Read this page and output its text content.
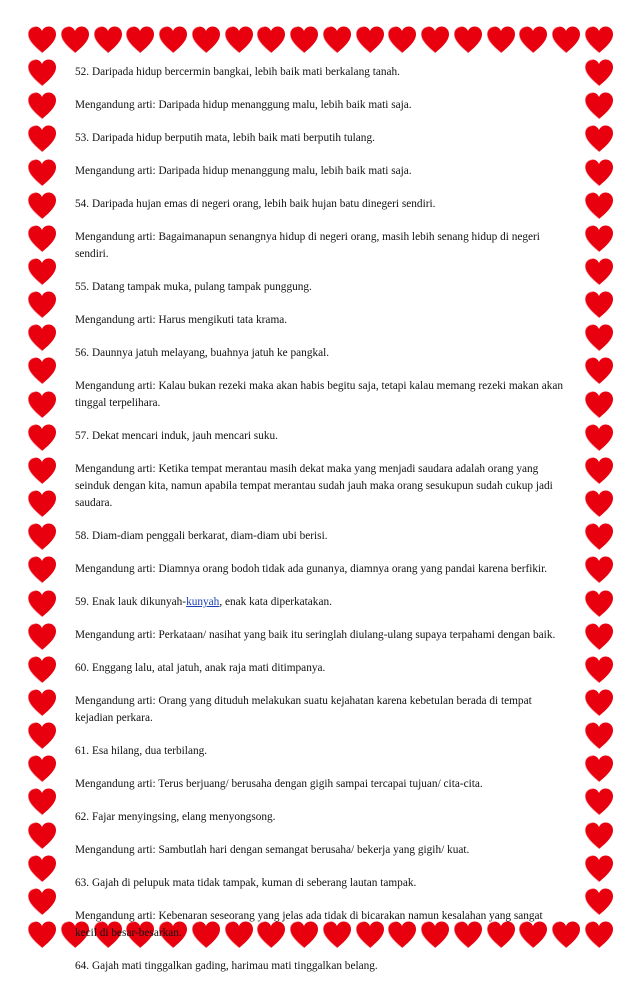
52. Daripada hidup bercermin bangkai, lebih baik mati berkalang tanah.

Mengandung arti: Daripada hidup menanggung malu, lebih baik mati saja.

53. Daripada hidup berputih mata, lebih baik mati berputih tulang.

Mengandung arti: Daripada hidup menanggung malu, lebih baik mati saja.

54. Daripada hujan emas di negeri orang, lebih baik hujan batu dinegeri sendiri.

Mengandung arti: Bagaimanapun senangnya hidup di negeri orang, masih lebih senang hidup di negeri sendiri.

55. Datang tampak muka, pulang tampak punggung.

Mengandung arti: Harus mengikuti tata krama.

56. Daunnya jatuh melayang, buahnya jatuh ke pangkal.

Mengandung arti: Kalau bukan rezeki maka akan habis begitu saja, tetapi kalau memang rezeki makan akan tinggal terpelihara.

57. Dekat mencari induk, jauh mencari suku.

Mengandung arti: Ketika tempat merantau masih dekat maka yang menjadi saudara adalah orang yang seinduk dengan kita, namun apabila tempat merantau sudah jauh maka orang sesukupun sudah cukup jadi saudara.

58. Diam-diam penggali berkarat, diam-diam ubi berisi.

Mengandung arti: Diamnya orang bodoh tidak ada gunanya, diamnya orang yang pandai karena berfikir.

59. Enak lauk dikunyah-kunyah, enak kata diperkatakan.

Mengandung arti: Perkataan/ nasihat yang baik itu seringlah diulang-ulang supaya terpahami dengan baik.

60. Enggang lalu, atal jatuh, anak raja mati ditimpanya.

Mengandung arti: Orang yang dituduh melakukan suatu kejahatan karena kebetulan berada di tempat kejadian perkara.

61. Esa hilang, dua terbilang.

Mengandung arti: Terus berjuang/ berusaha dengan gigih sampai tercapai tujuan/ cita-cita.

62. Fajar menyingsing, elang menyongsong.

Mengandung arti: Sambutlah hari dengan semangat berusaha/ bekerja yang gigih/ kuat.

63. Gajah di pelupuk mata tidak tampak, kuman di seberang lautan tampak.

Mengandung arti: Kebenaran seseorang yang jelas ada tidak di bicarakan namun kesalahan yang sangat kecil di besar-besarkan.

64. Gajah mati tinggalkan gading, harimau mati tinggalkan belang.
